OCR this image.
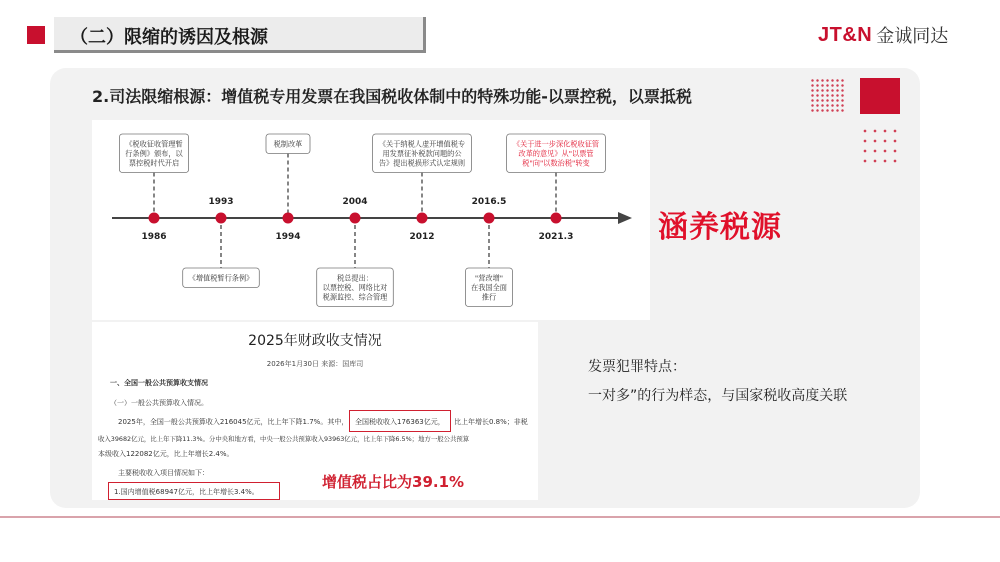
（二）限缩的诱因及根源	JT&N 金诚同达
2.司法限缩根源：增值税专用发票在我国税收体制中的特殊功能-以票控税，以票抵税
《税收征收管理暂
行条例》颁布，以
票控税时代开启
1986
《增值税暂行条例》
1993
税制改革
1994
税总提出：
以票控税、网络比对
税源监控、综合管理
2004
《关于纳税人虚开增值税专
用发票征补税款问题的公
告》提出税损形式认定规则
2012
"营改增"
在我国全面
推行
2016.5
《关于进一步深化税收征管
改革的意见》从"以票管
税"向"以数治税"转变
2021.3
2025年财政收支情况
2026年1月30日 来源：国库司
一、全国一般公共预算收支情况
（一）一般公共预算收入情况。
2025年，全国一般公共预算收入216045亿元，比上年下降1.7%。其中， 全国税收收入176363亿元， 比上年增长0.8%；非税
收入39682亿元，比上年下降11.3%。分中央和地方看，中央一般公共预算收入93963亿元，比上年下降6.5%；地方一般公共预算
本级收入122082亿元，比上年增长2.4%。
主要税收收入项目情况如下：
1.国内增值税68947亿元，比上年增长3.4%。
增值税占比为39.1%
涵养税源
发票犯罪特点：
一对多”的行为样态，与国家税收高度关联
